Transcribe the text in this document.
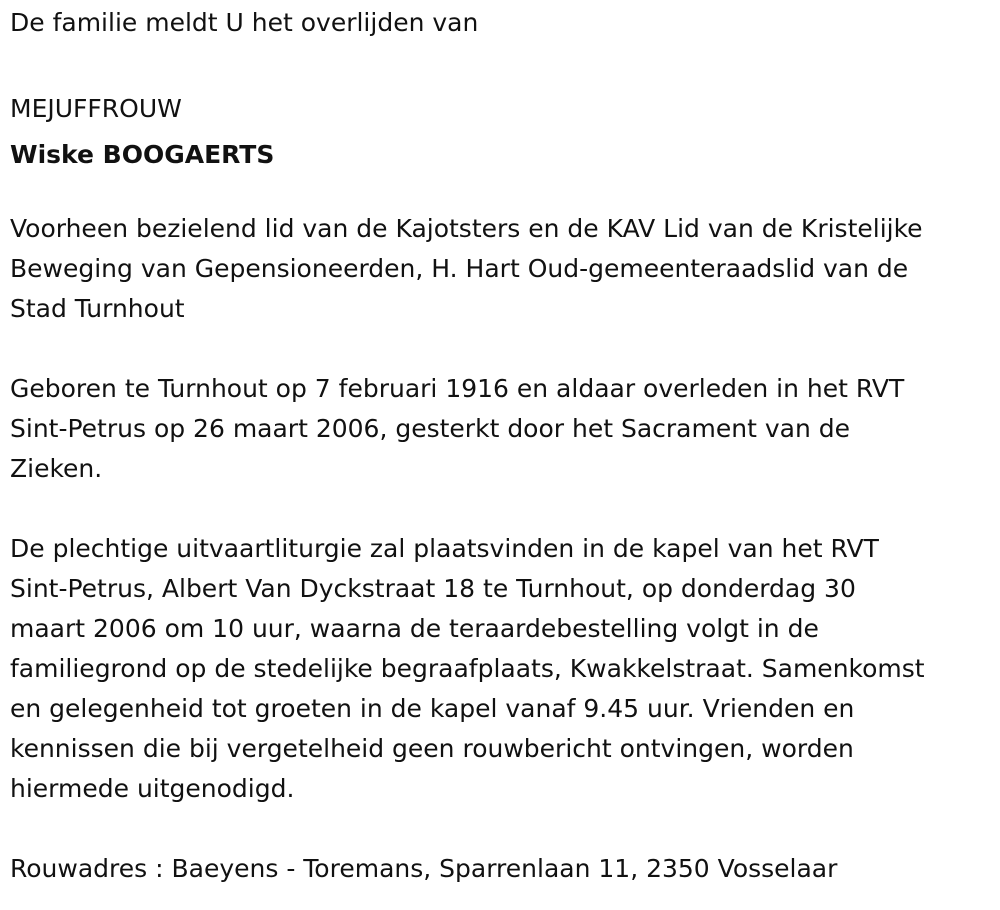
De familie meldt U het overlijden van

MEJUFFROUW

Wiske BOOGAERTS

Voorheen bezielend lid van de Kajotsters en de KAV Lid van de Kristelijke

Beweging van Gepensioneerden, H. Hart Oud-gemeenteraadslid van de

Stad Turnhout

Geboren te Turnhout op 7 februari 1916 en aldaar overleden in het RVT

Sint-Petrus op 26 maart 2006, gesterkt door het Sacrament van de

Zieken.

De plechtige uitvaartliturgie zal plaatsvinden in de kapel van het RVT

Sint-Petrus, Albert Van Dyckstraat 18 te Turnhout, op donderdag 30

maart 2006 om 10 uur, waarna de teraardebestelling volgt in de

familiegrond op de stedelijke begraafplaats, Kwakkelstraat. Samenkomst

en gelegenheid tot groeten in de kapel vanaf 9.45 uur. Vrienden en

kennissen die bij vergetelheid geen rouwbericht ontvingen, worden

hiermede uitgenodigd.

Rouwadres : Baeyens - Toremans, Sparrenlaan 11, 2350 Vosselaar
